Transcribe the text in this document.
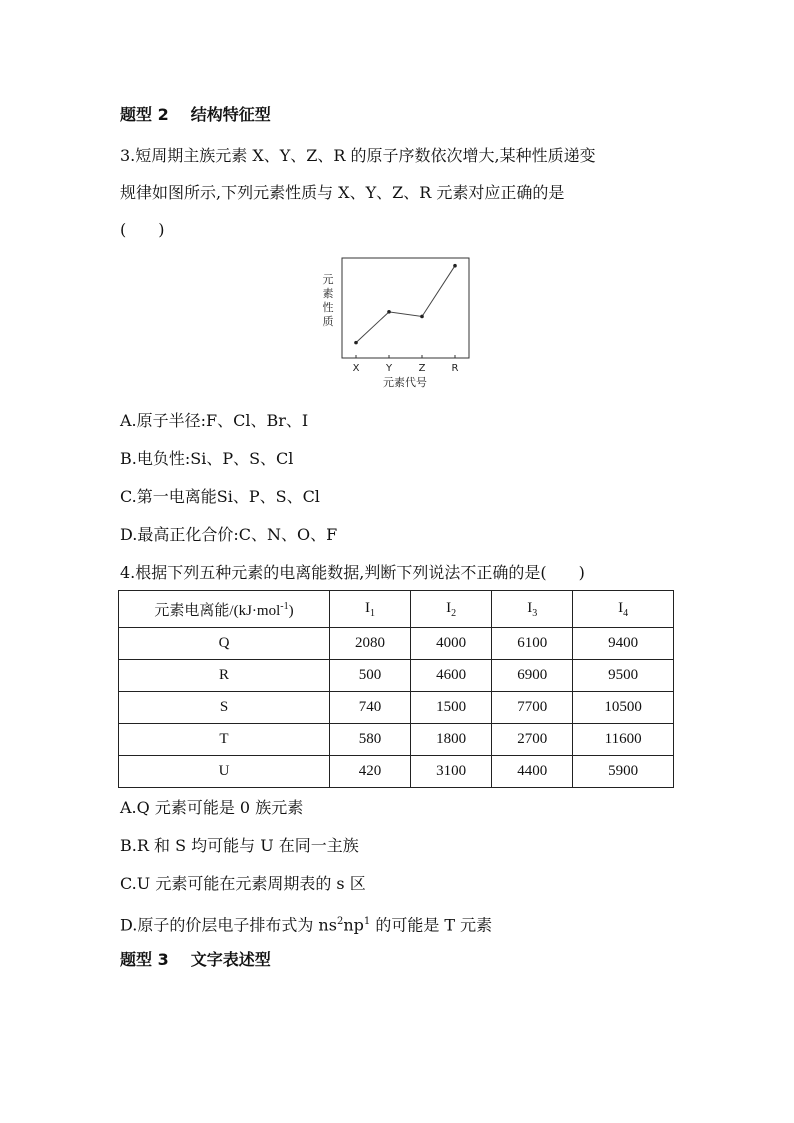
题型 2 结构特征型
3.短周期主族元素 X、Y、Z、R 的原子序数依次增大,某种性质递变
规律如图所示,下列元素性质与 X、Y、Z、R 元素对应正确的是
(　　)
元素性质
元素代号
X	Y	Z	R
A.原子半径:F、Cl、Br、I
B.电负性:Si、P、S、Cl
C.第一电离能Si、P、S、Cl
D.最高正化合价:C、N、O、F
4.根据下列五种元素的电离能数据,判断下列说法不正确的是(　　)
元素电离能/(kJ·mol$^{-1}$)	$I_1$	$I_2$	$I_3$	$I_4$
Q	2080	4000	6100	9400
R	500	4600	6900	9500
S	740	1500	7700	10500
T	580	1800	2700	11600
U	420	3100	4400	5900
A.Q 元素可能是 0 族元素
B.R 和 S 均可能与 U 在同一主族
C.U 元素可能在元素周期表的 s 区
D.原子的价层电子排布式为 $ns^2np^1$ 的可能是 T 元素
题型 3 文字表述型
